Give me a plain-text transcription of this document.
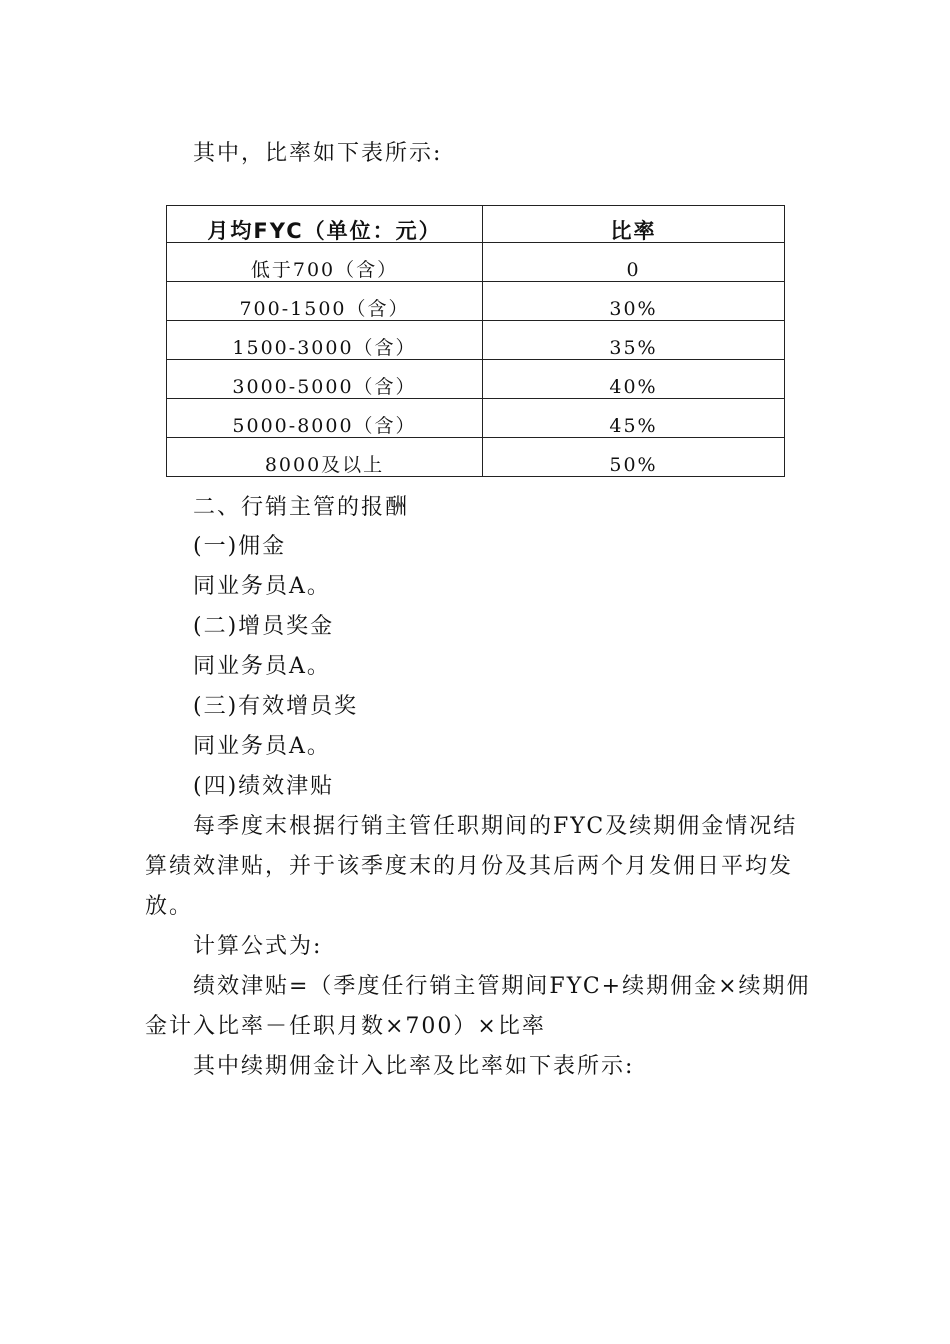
其中，比率如下表所示:
月均FYC（单位：元）	比率
低于700（含）	0
700-1500（含）	30%
1500-3000（含）	35%
3000-5000（含）	40%
5000-8000（含）	45%
8000及以上	50%
二、行销主管的报酬
(一)佣金
同业务员A。
(二)增员奖金
同业务员A。
(三)有效增员奖
同业务员A。
(四)绩效津贴
每季度末根据行销主管任职期间的FYC及续期佣金情况结
算绩效津贴，并于该季度末的月份及其后两个月发佣日平均发
放。
计算公式为:
绩效津贴=（季度任行销主管期间FYC+续期佣金×续期佣
金计入比率－任职月数×700）×比率
其中续期佣金计入比率及比率如下表所示:
